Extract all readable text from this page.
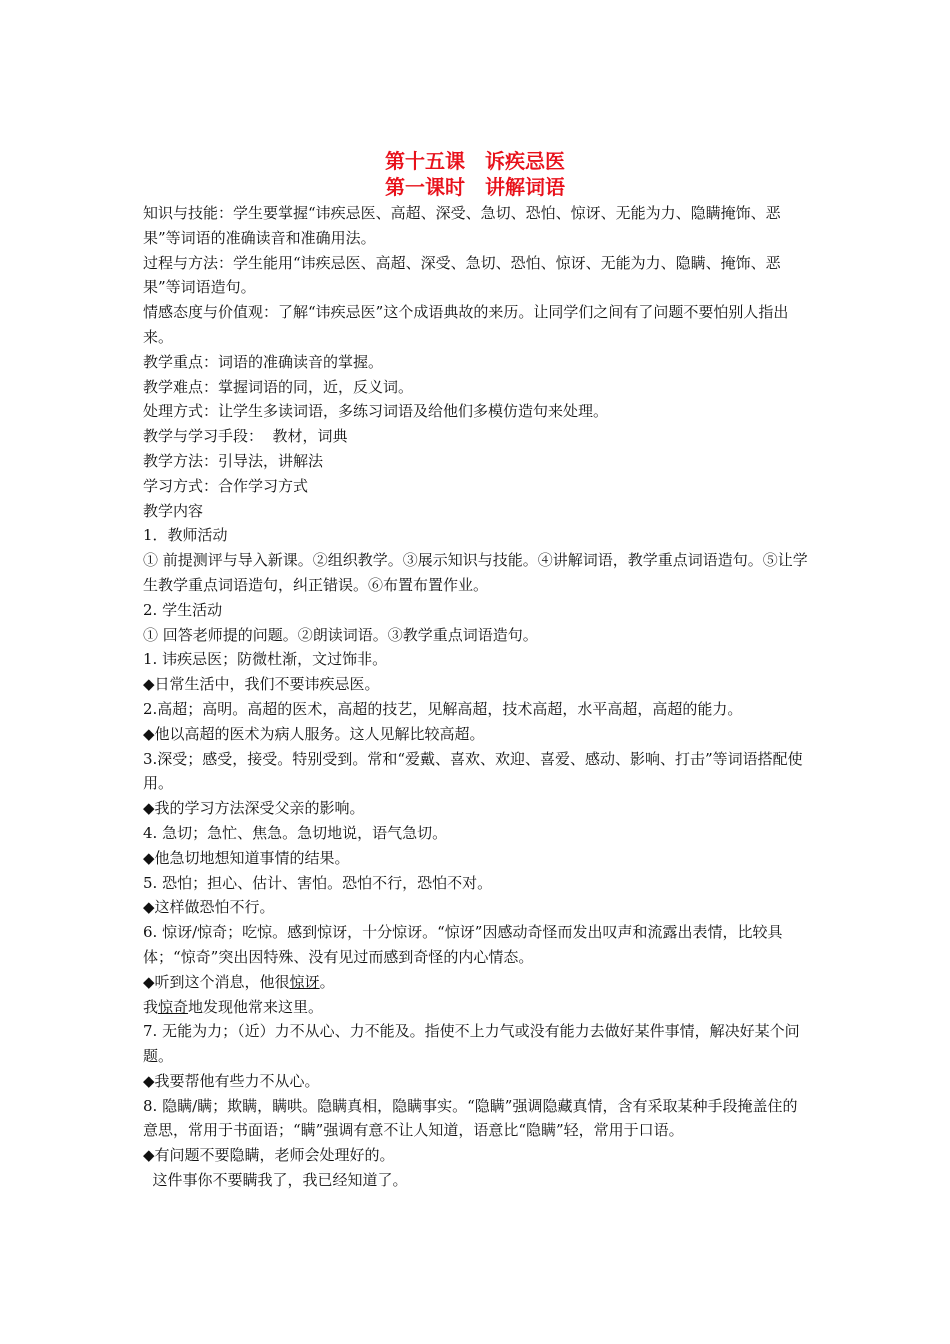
第十五课　诉疾忌医
第一课时　讲解词语

知识与技能：学生要掌握“讳疾忌医、高超、深受、急切、恐怕、惊讶、无能为力、隐瞒掩饰、恶果”等词语的准确读音和准确用法。

过程与方法：学生能用“讳疾忌医、高超、深受、急切、恐怕、惊讶、无能为力、隐瞒、掩饰、恶果”等词语造句。

情感态度与价值观：了解“讳疾忌医”这个成语典故的来历。让同学们之间有了问题不要怕别人指出来。

教学重点：词语的准确读音的掌握。

教学难点：掌握词语的同，近，反义词。

处理方式：让学生多读词语，多练习词语及给他们多模仿造句来处理。

教学与学习手段：  教材，词典

教学方法：引导法，讲解法

学习方式：合作学习方式

教学内容

1．教师活动

① 前提测评与导入新课。②组织教学。③展示知识与技能。④讲解词语，教学重点词语造句。⑤让学生教学重点词语造句，纠正错误。⑥布置布置作业。

2. 学生活动

① 回答老师提的问题。②朗读词语。③教学重点词语造句。

1. 讳疾忌医；防微杜渐，文过饰非。

◆日常生活中，我们不要讳疾忌医。

2.高超；高明。高超的医术，高超的技艺，见解高超，技术高超，水平高超，高超的能力。

◆他以高超的医术为病人服务。这人见解比较高超。

3.深受；感受，接受。特别受到。常和“爱戴、喜欢、欢迎、喜爱、感动、影响、打击”等词语搭配使用。

◆我的学习方法深受父亲的影响。

4. 急切；急忙、焦急。急切地说，语气急切。

◆他急切地想知道事情的结果。

5. 恐怕；担心、估计、害怕。恐怕不行，恐怕不对。

◆这样做恐怕不行。

6. 惊讶/惊奇；吃惊。感到惊讶，十分惊讶。“惊讶”因感动奇怪而发出叹声和流露出表情，比较具体；“惊奇”突出因特殊、没有见过而感到奇怪的内心情态。

◆听到这个消息，他很惊讶。

我惊奇地发现他常来这里。

7. 无能为力；（近）力不从心、力不能及。指使不上力气或没有能力去做好某件事情，解决好某个问题。

◆我要帮他有些力不从心。

8. 隐瞒/瞒；欺瞒，瞒哄。隐瞒真相，隐瞒事实。“隐瞒”强调隐藏真情，含有采取某种手段掩盖住的意思，常用于书面语；“瞒”强调有意不让人知道，语意比“隐瞒”轻，常用于口语。

◆有问题不要隐瞒，老师会处理好的。

这件事你不要瞒我了，我已经知道了。
